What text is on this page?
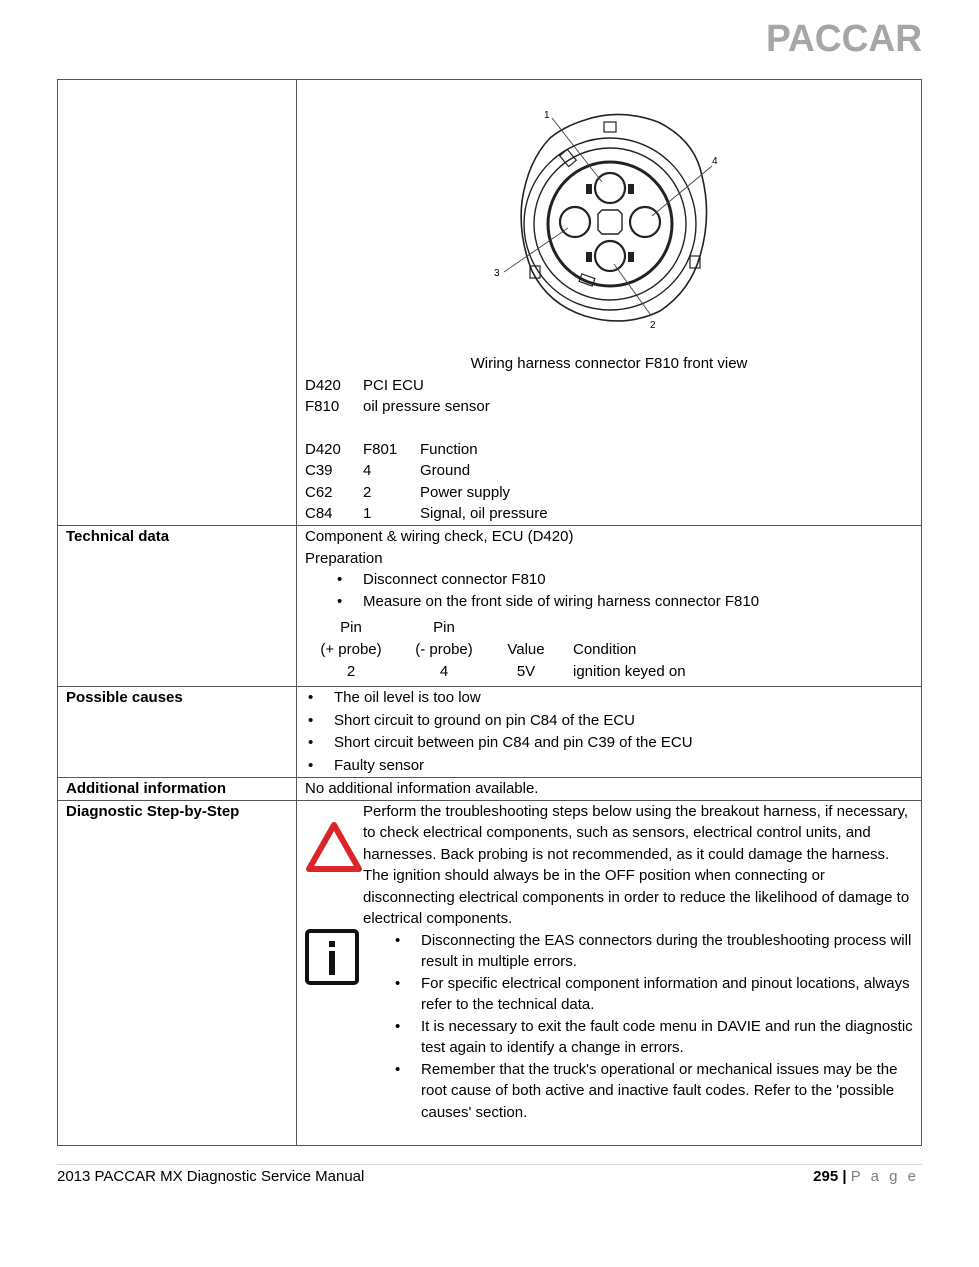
PACCAR

1
4
3
2
Wiring harness connector F810 front view
D420	PCI ECU
F810	oil pressure sensor
D420	F801	Function
C39	4	Ground
C62	2	Power supply
C84	1	Signal, oil pressure

Technical data	Component & wiring check, ECU (D420)
Preparation
• Disconnect connector F810
• Measure on the front side of wiring harness connector F810
Pin	Pin		
(+ probe)	(- probe)	Value	Condition
2	4	5V	ignition keyed on

Possible causes	
•The oil level is too low
• Short circuit to ground on pin C84 of the ECU
• Short circuit between pin C84 and pin C39 of the ECU
• Faulty sensor

Additional information	No additional information available.
Diagnostic Step-by-Step	Perform the troubleshooting steps below using the breakout harness, if necessary, to check electrical components, such as sensors, electrical control units, and harnesses. Back probing is not recommended, as it could damage the harness. The ignition should always be in the OFF position when connecting or disconnecting electrical components in order to reduce the likelihood of damage to electrical components.
• Disconnecting the EAS connectors during the troubleshooting process will result in multiple errors.
• For specific electrical component information and pinout locations, always refer to the technical data.
• It is necessary to exit the fault code menu in DAVIE and run the diagnostic test again to identify a change in errors.
• Remember that the truck's operational or mechanical issues may be the root cause of both active and inactive fault codes. Refer to the 'possible causes' section.
2013 PACCAR MX Diagnostic Service Manual	295 | P a g e
